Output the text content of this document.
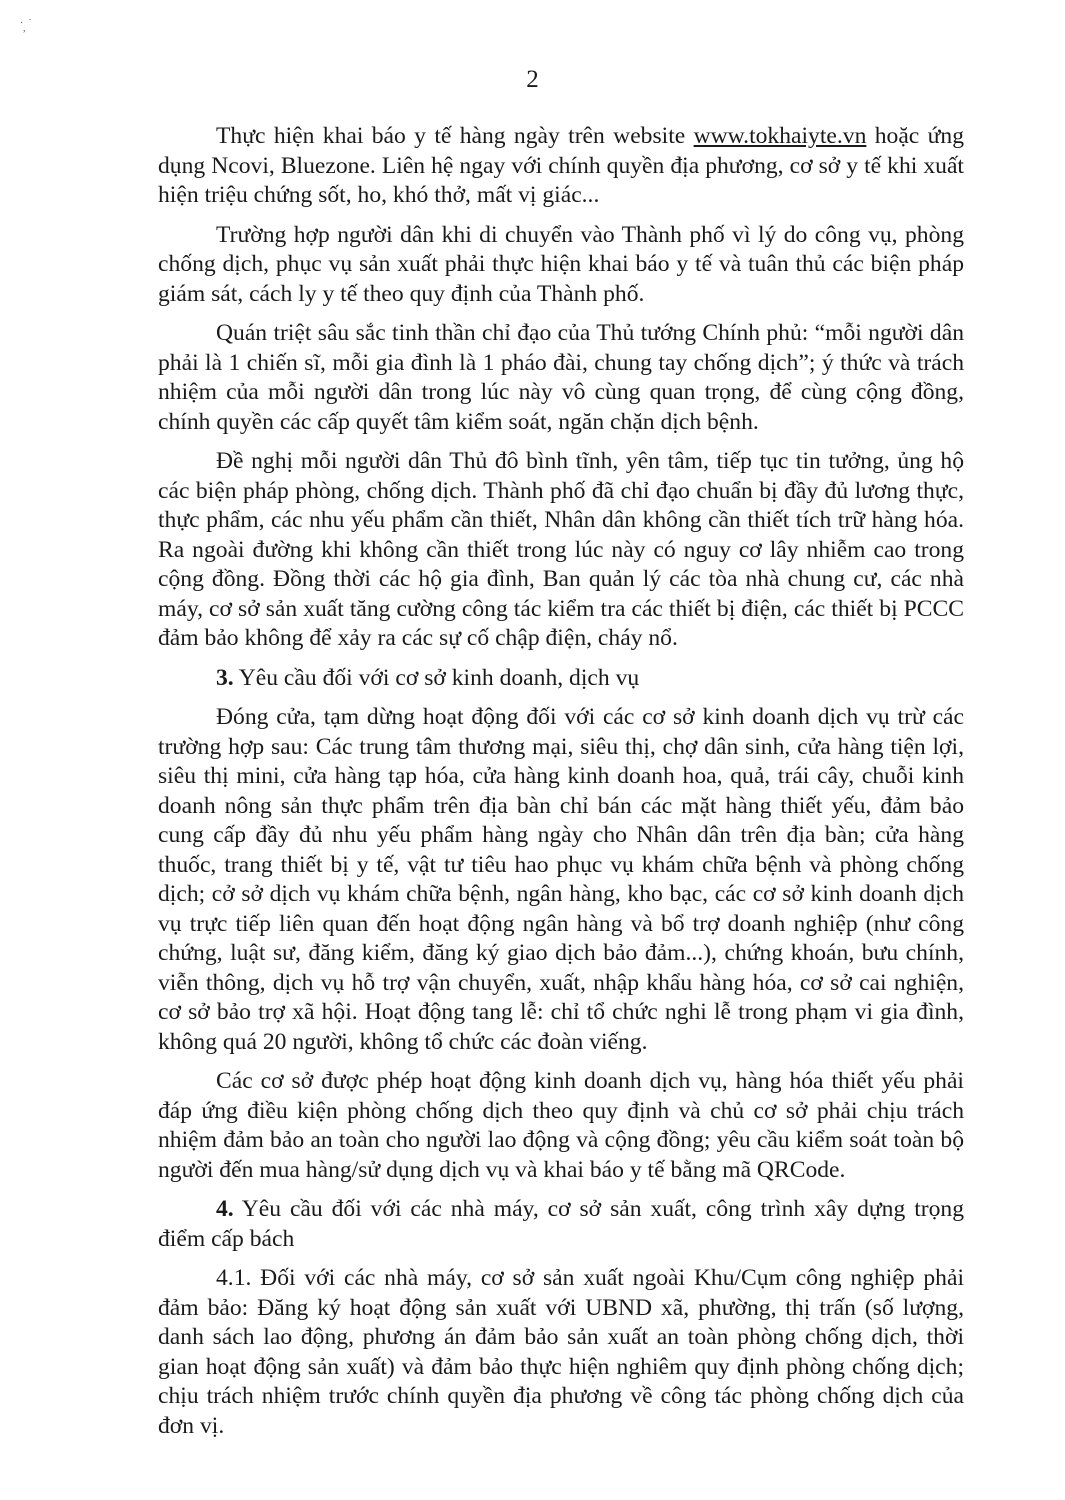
·  ˙
ʼ
2

Thực hiện khai báo y tế hàng ngày trên website www.tokhaiyte.vn hoặc ứng dụng Ncovi, Bluezone. Liên hệ ngay với chính quyền địa phương, cơ sở y tế khi xuất hiện triệu chứng sốt, ho, khó thở, mất vị giác...

Trường hợp người dân khi di chuyển vào Thành phố vì lý do công vụ, phòng chống dịch, phục vụ sản xuất phải thực hiện khai báo y tế và tuân thủ các biện pháp giám sát, cách ly y tế theo quy định của Thành phố.

Quán triệt sâu sắc tinh thần chỉ đạo của Thủ tướng Chính phủ: “mỗi người dân phải là 1 chiến sĩ, mỗi gia đình là 1 pháo đài, chung tay chống dịch”; ý thức và trách nhiệm của mỗi người dân trong lúc này vô cùng quan trọng, để cùng cộng đồng, chính quyền các cấp quyết tâm kiểm soát, ngăn chặn dịch bệnh.

Đề nghị mỗi người dân Thủ đô bình tĩnh, yên tâm, tiếp tục tin tưởng, ủng hộ các biện pháp phòng, chống dịch. Thành phố đã chỉ đạo chuẩn bị đầy đủ lương thực, thực phẩm, các nhu yếu phẩm cần thiết, Nhân dân không cần thiết tích trữ hàng hóa. Ra ngoài đường khi không cần thiết trong lúc này có nguy cơ lây nhiễm cao trong cộng đồng. Đồng thời các hộ gia đình, Ban quản lý các tòa nhà chung cư, các nhà máy, cơ sở sản xuất tăng cường công tác kiểm tra các thiết bị điện, các thiết bị PCCC đảm bảo không để xảy ra các sự cố chập điện, cháy nổ.

3. Yêu cầu đối với cơ sở kinh doanh, dịch vụ

Đóng cửa, tạm dừng hoạt động đối với các cơ sở kinh doanh dịch vụ trừ các trường hợp sau: Các trung tâm thương mại, siêu thị, chợ dân sinh, cửa hàng tiện lợi, siêu thị mini, cửa hàng tạp hóa, cửa hàng kinh doanh hoa, quả, trái cây, chuỗi kinh doanh nông sản thực phẩm trên địa bàn chỉ bán các mặt hàng thiết yếu, đảm bảo cung cấp đầy đủ nhu yếu phẩm hàng ngày cho Nhân dân trên địa bàn; cửa hàng thuốc, trang thiết bị y tế, vật tư tiêu hao phục vụ khám chữa bệnh và phòng chống dịch; cở sở dịch vụ khám chữa bệnh, ngân hàng, kho bạc, các cơ sở kinh doanh dịch vụ trực tiếp liên quan đến hoạt động ngân hàng và bổ trợ doanh nghiệp (như công chứng, luật sư, đăng kiểm, đăng ký giao dịch bảo đảm...), chứng khoán, bưu chính, viễn thông, dịch vụ hỗ trợ vận chuyển, xuất, nhập khẩu hàng hóa, cơ sở cai nghiện, cơ sở bảo trợ xã hội. Hoạt động tang lễ: chỉ tổ chức nghi lễ trong phạm vi gia đình, không quá 20 người, không tổ chức các đoàn viếng.

Các cơ sở được phép hoạt động kinh doanh dịch vụ, hàng hóa thiết yếu phải đáp ứng điều kiện phòng chống dịch theo quy định và chủ cơ sở phải chịu trách nhiệm đảm bảo an toàn cho người lao động và cộng đồng; yêu cầu kiểm soát toàn bộ người đến mua hàng/sử dụng dịch vụ và khai báo y tế bằng mã QRCode.

4. Yêu cầu đối với các nhà máy, cơ sở sản xuất, công trình xây dựng trọng điểm cấp bách

4.1. Đối với các nhà máy, cơ sở sản xuất ngoài Khu/Cụm công nghiệp phải đảm bảo: Đăng ký hoạt động sản xuất với UBND xã, phường, thị trấn (số lượng, danh sách lao động, phương án đảm bảo sản xuất an toàn phòng chống dịch, thời gian hoạt động sản xuất) và đảm bảo thực hiện nghiêm quy định phòng chống dịch; chịu trách nhiệm trước chính quyền địa phương về công tác phòng chống dịch của đơn vị.
